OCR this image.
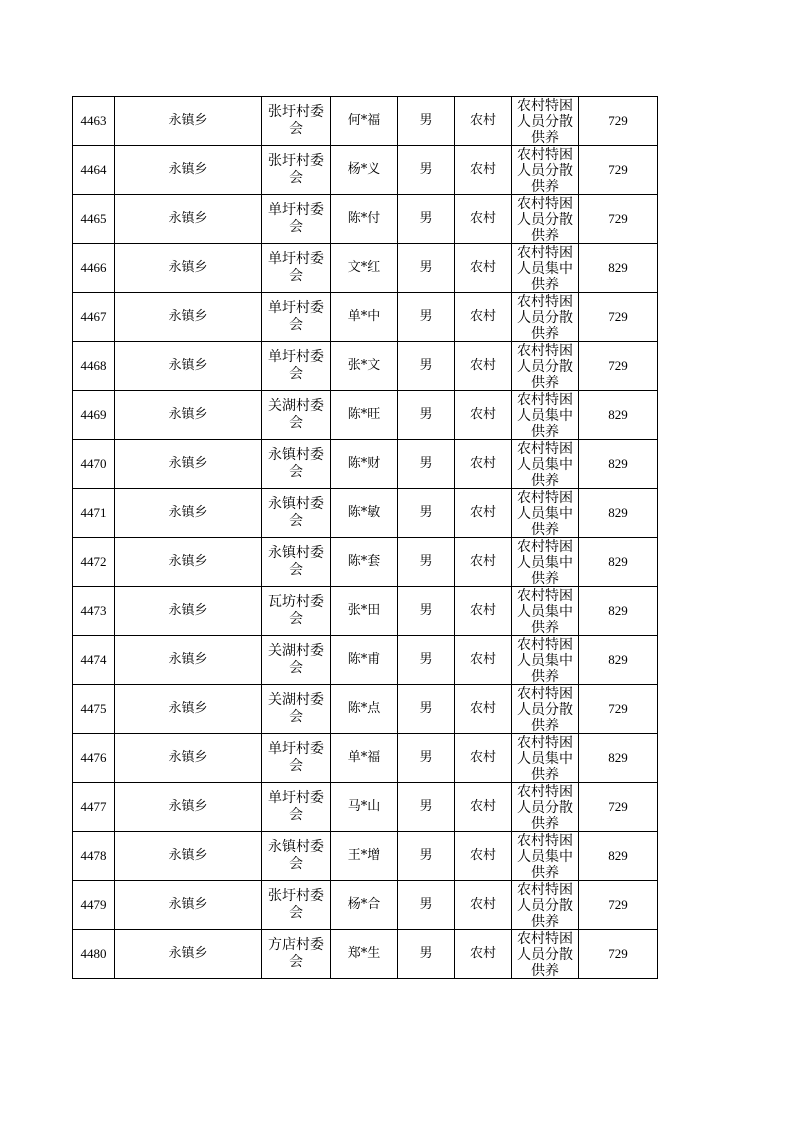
4463	永镇乡	张圩村委会	何*福	男	农村	农村特困人员分散供养	729
4464	永镇乡	张圩村委会	杨*义	男	农村	农村特困人员分散供养	729
4465	永镇乡	单圩村委会	陈*付	男	农村	农村特困人员分散供养	729
4466	永镇乡	单圩村委会	文*红	男	农村	农村特困人员集中供养	829
4467	永镇乡	单圩村委会	单*中	男	农村	农村特困人员分散供养	729
4468	永镇乡	单圩村委会	张*文	男	农村	农村特困人员分散供养	729
4469	永镇乡	关湖村委会	陈*旺	男	农村	农村特困人员集中供养	829
4470	永镇乡	永镇村委会	陈*财	男	农村	农村特困人员集中供养	829
4471	永镇乡	永镇村委会	陈*敏	男	农村	农村特困人员集中供养	829
4472	永镇乡	永镇村委会	陈*套	男	农村	农村特困人员集中供养	829
4473	永镇乡	瓦坊村委会	张*田	男	农村	农村特困人员集中供养	829
4474	永镇乡	关湖村委会	陈*甫	男	农村	农村特困人员集中供养	829
4475	永镇乡	关湖村委会	陈*点	男	农村	农村特困人员分散供养	729
4476	永镇乡	单圩村委会	单*福	男	农村	农村特困人员集中供养	829
4477	永镇乡	单圩村委会	马*山	男	农村	农村特困人员分散供养	729
4478	永镇乡	永镇村委会	王*增	男	农村	农村特困人员集中供养	829
4479	永镇乡	张圩村委会	杨*合	男	农村	农村特困人员分散供养	729
4480	永镇乡	方店村委会	郑*生	男	农村	农村特困人员分散供养	729
